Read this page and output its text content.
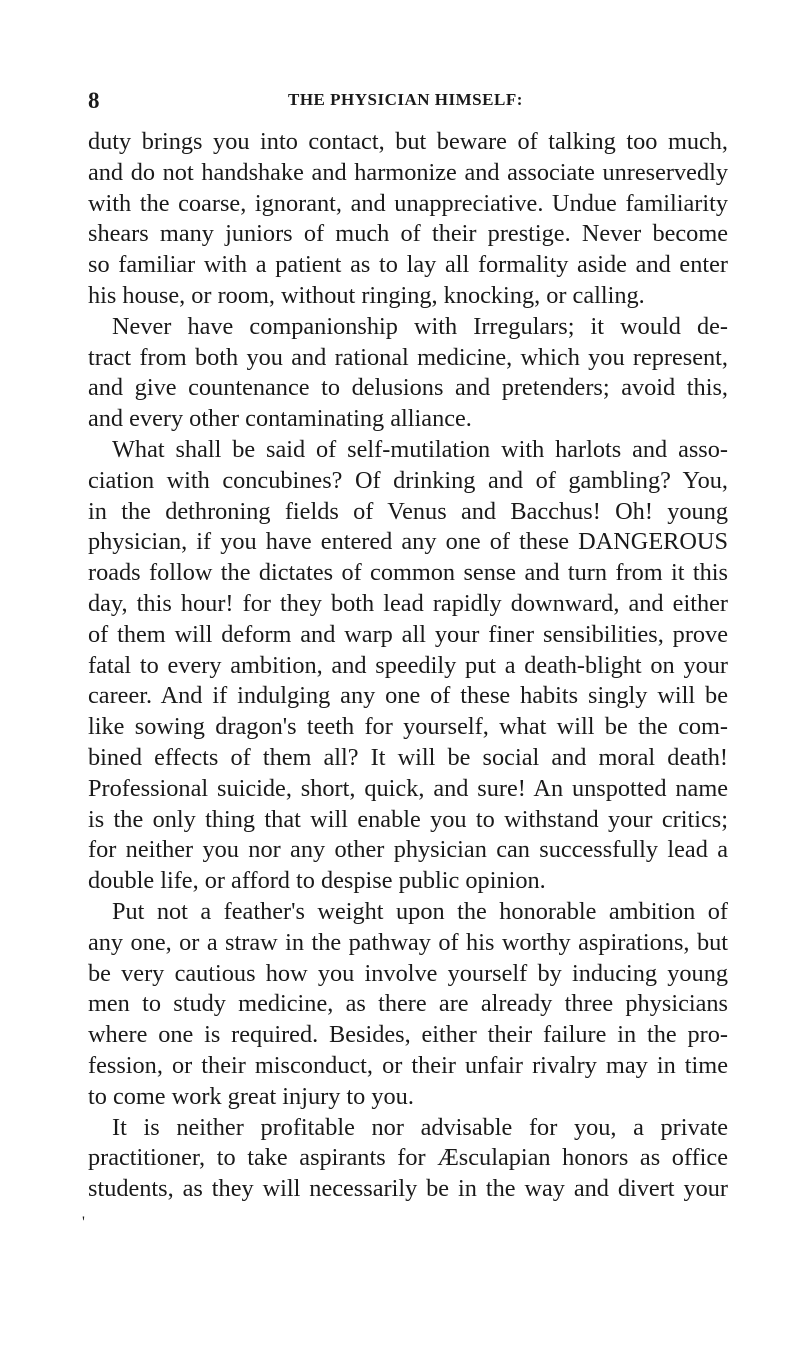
8	THE PHYSICIAN HIMSELF:
duty brings you into contact, but beware of talking too much,
and do not handshake and harmonize and associate unreservedly
with the coarse, ignorant, and unappreciative. Undue familiarity
shears many juniors of much of their prestige. Never become
so familiar with a patient as to lay all formality aside and enter
his house, or room, without ringing, knocking, or calling.
Never have companionship with Irregulars; it would de-
tract from both you and rational medicine, which you represent,
and give countenance to delusions and pretenders; avoid this,
and every other contaminating alliance.
What shall be said of self-mutilation with harlots and asso-
ciation with concubines? Of drinking and of gambling? You,
in the dethroning fields of Venus and Bacchus! Oh! young
physician, if you have entered any one of these DANGEROUS
roads follow the dictates of common sense and turn from it this
day, this hour! for they both lead rapidly downward, and either
of them will deform and warp all your finer sensibilities, prove
fatal to every ambition, and speedily put a death-blight on your
career. And if indulging any one of these habits singly will be
like sowing dragon's teeth for yourself, what will be the com-
bined effects of them all? It will be social and moral death!
Professional suicide, short, quick, and sure! An unspotted name
is the only thing that will enable you to withstand your critics;
for neither you nor any other physician can successfully lead a
double life, or afford to despise public opinion.
Put not a feather's weight upon the honorable ambition of
any one, or a straw in the pathway of his worthy aspirations, but
be very cautious how you involve yourself by inducing young
men to study medicine, as there are already three physicians
where one is required. Besides, either their failure in the pro-
fession, or their misconduct, or their unfair rivalry may in time
to come work great injury to you.
It is neither profitable nor advisable for you, a private
practitioner, to take aspirants for Æsculapian honors as office
students, as they will necessarily be in the way and divert your
'
